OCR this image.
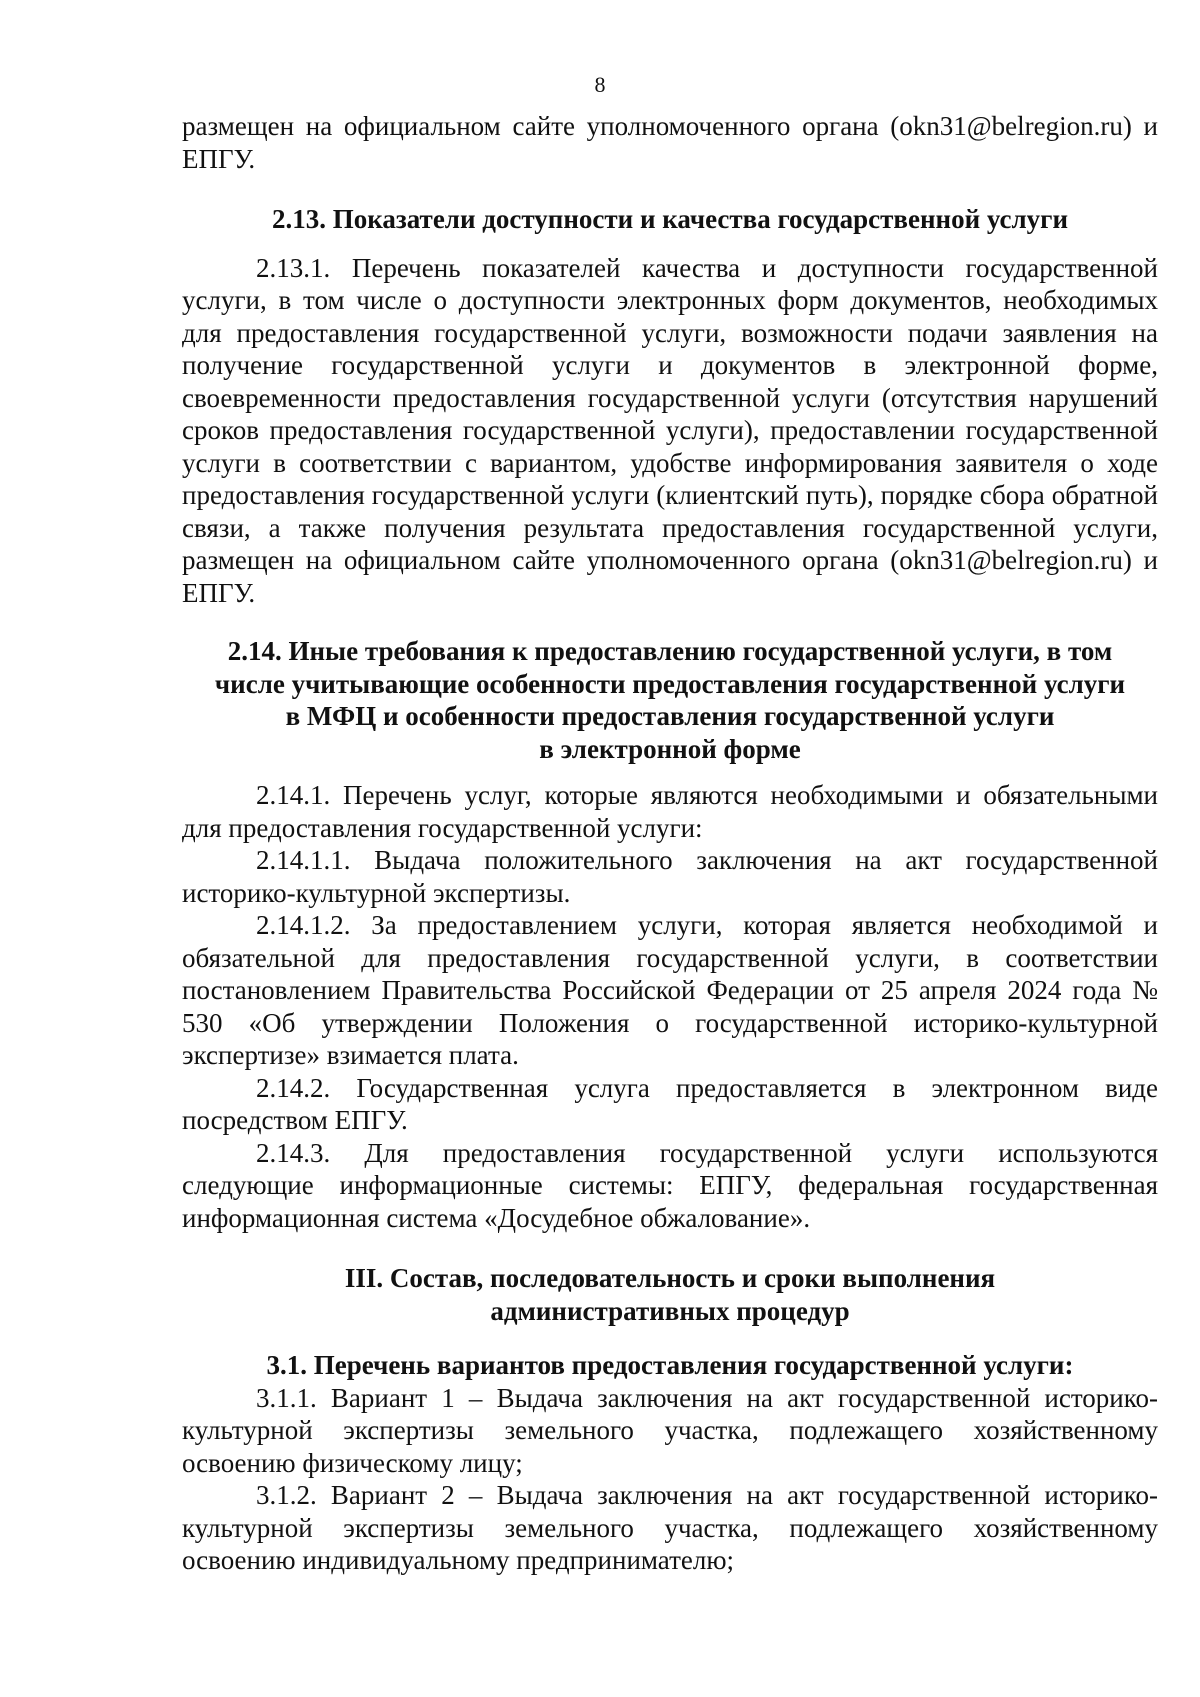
8

размещен на официальном сайте уполномоченного органа (okn31@belregion.ru) и ЕПГУ.

2.13. Показатели доступности и качества государственной услуги

2.13.1. Перечень показателей качества и доступности государственной услуги, в том числе о доступности электронных форм документов, необходимых для предоставления государственной услуги, возможности подачи заявления на получение государственной услуги и документов в электронной форме, своевременности предоставления государственной услуги (отсутствия нарушений сроков предоставления государственной услуги), предоставлении государственной услуги в соответствии с вариантом, удобстве информирования заявителя о ходе предоставления государственной услуги (клиентский путь), порядке сбора обратной связи, а также получения результата предоставления государственной услуги, размещен на официальном сайте уполномоченного органа (okn31@belregion.ru) и ЕПГУ.

2.14. Иные требования к предоставлению государственной услуги, в том
числе учитывающие особенности предоставления государственной услуги
в МФЦ и особенности предоставления государственной услуги
в электронной форме

2.14.1. Перечень услуг, которые являются необходимыми и обязательными для предоставления государственной услуги:

2.14.1.1. Выдача положительного заключения на акт государственной историко-культурной экспертизы.

2.14.1.2. За предоставлением услуги, которая является необходимой и обязательной для предоставления государственной услуги, в соответствии постановлением Правительства Российской Федерации от 25 апреля 2024 года № 530 «Об утверждении Положения о государственной историко-культурной экспертизе» взимается плата.

2.14.2. Государственная услуга предоставляется в электронном виде посредством ЕПГУ.

2.14.3. Для предоставления государственной услуги используются следующие информационные системы: ЕПГУ, федеральная государственная информационная система «Досудебное обжалование».

III. Состав, последовательность и сроки выполнения
административных процедур

3.1. Перечень вариантов предоставления государственной услуги:

3.1.1. Вариант 1 – Выдача заключения на акт государственной историко-культурной экспертизы земельного участка, подлежащего хозяйственному освоению физическому лицу;

3.1.2. Вариант 2 – Выдача заключения на акт государственной историко-культурной экспертизы земельного участка, подлежащего хозяйственному освоению индивидуальному предпринимателю;
